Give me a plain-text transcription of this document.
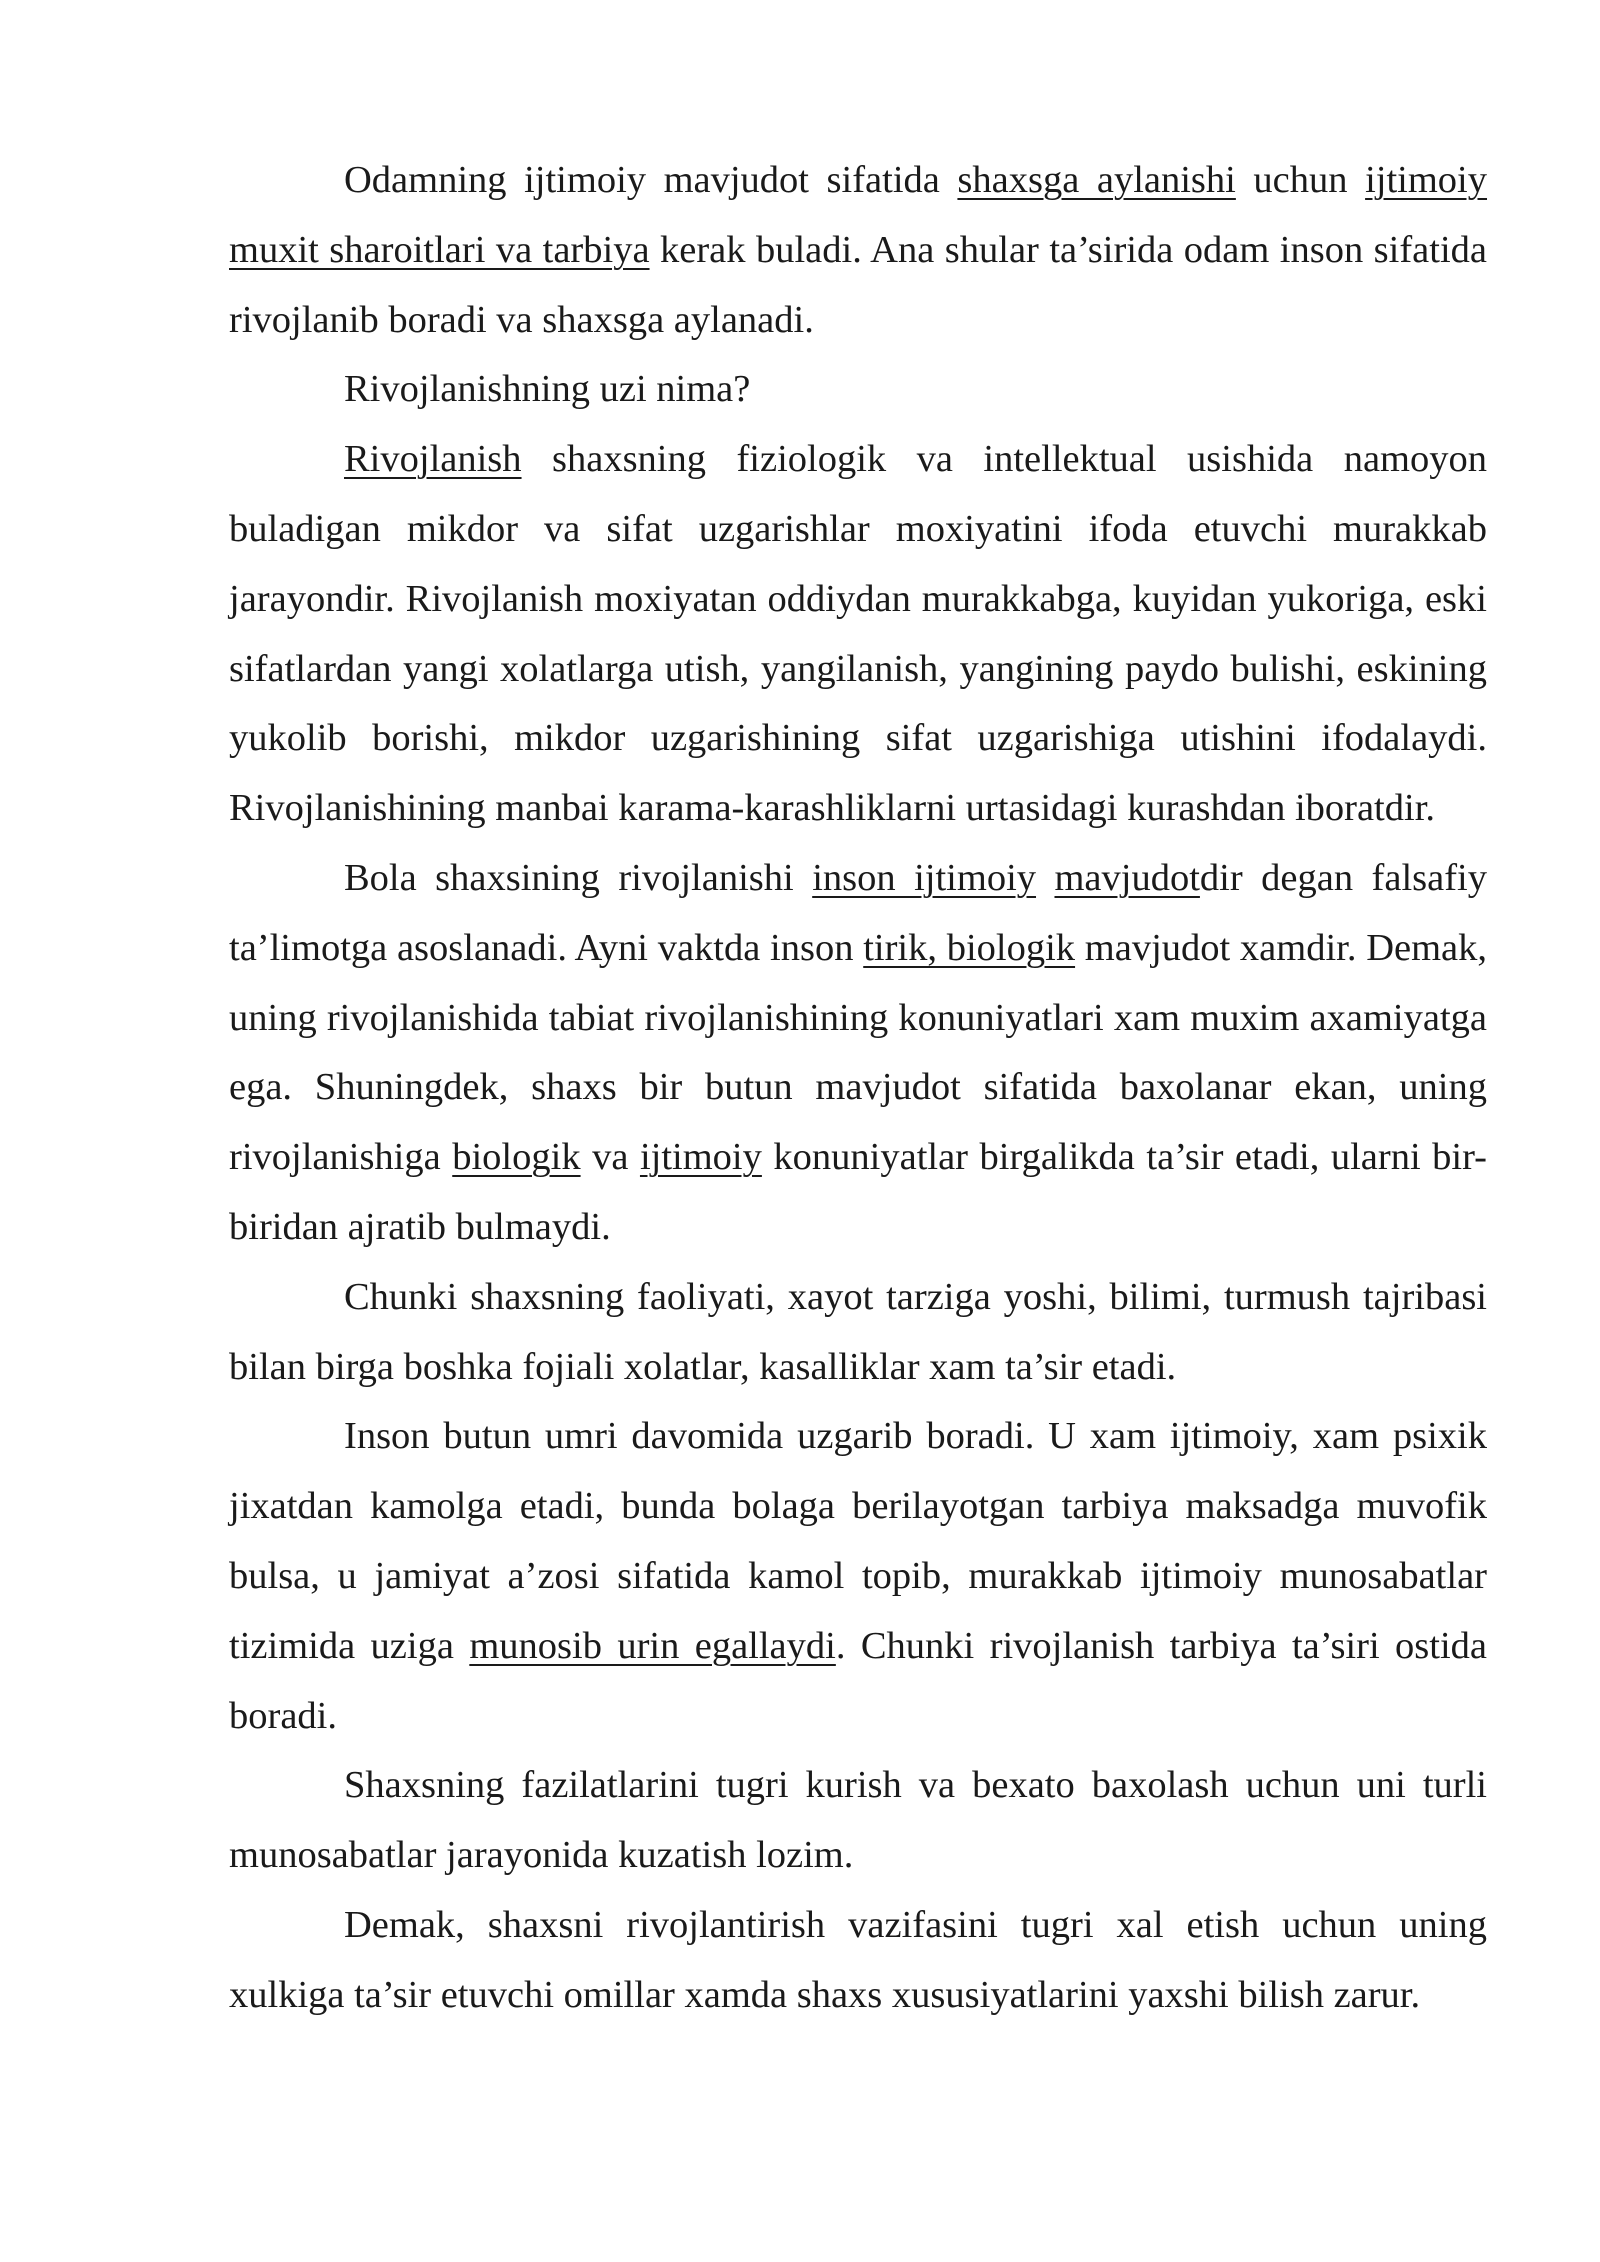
Odamning ijtimoiy mavjudot sifatida shaxsga aylanishi uchun ijtimoiy muxit sharoitlari va tarbiya kerak buladi. Ana shular ta’sirida odam inson sifatida rivojlanib boradi va shaxsga aylanadi.

Rivojlanishning uzi nima?

Rivojlanish shaxsning fiziologik va intellektual usishida namoyon buladigan mikdor va sifat uzgarishlar moxiyatini ifoda etuvchi murakkab jarayondir. Rivojlanish moxiyatan oddiydan murakkabga, kuyidan yukoriga, eski sifatlardan yangi xolatlarga utish, yangilanish, yangining paydo bulishi, eskining yukolib borishi, mikdor uzgarishining sifat uzgarishiga utishini ifodalaydi. Rivojlanishining manbai karama-karashliklarni urtasidagi kurashdan iboratdir.

Bola shaxsining rivojlanishi inson ijtimoiy mavjudotdir degan falsafiy ta’limotga asoslanadi. Ayni vaktda inson tirik, biologik mavjudot xamdir. Demak, uning rivojlanishida tabiat rivojlanishining konuniyatlari xam muxim axamiyatga ega. Shuningdek, shaxs bir butun mavjudot sifatida baxolanar ekan, uning rivojlanishiga biologik va ijtimoiy konuniyatlar birgalikda ta’sir etadi, ularni bir-biridan ajratib bulmaydi.

Chunki shaxsning faoliyati, xayot tarziga yoshi, bilimi, turmush tajribasi bilan birga boshka fojiali xolatlar, kasalliklar xam ta’sir etadi.

Inson butun umri davomida uzgarib boradi. U xam ijtimoiy, xam psixik jixatdan kamolga etadi, bunda bolaga berilayotgan tarbiya maksadga muvofik bulsa, u jamiyat a’zosi sifatida kamol topib, murakkab ijtimoiy munosabatlar tizimida uziga munosib urin egallaydi. Chunki rivojlanish tarbiya ta’siri ostida boradi.

Shaxsning fazilatlarini tugri kurish va bexato baxolash uchun uni turli munosabatlar jarayonida kuzatish lozim.

Demak, shaxsni rivojlantirish vazifasini tugri xal etish uchun uning xulkiga ta’sir etuvchi omillar xamda shaxs xususiyatlarini yaxshi bilish zarur.
